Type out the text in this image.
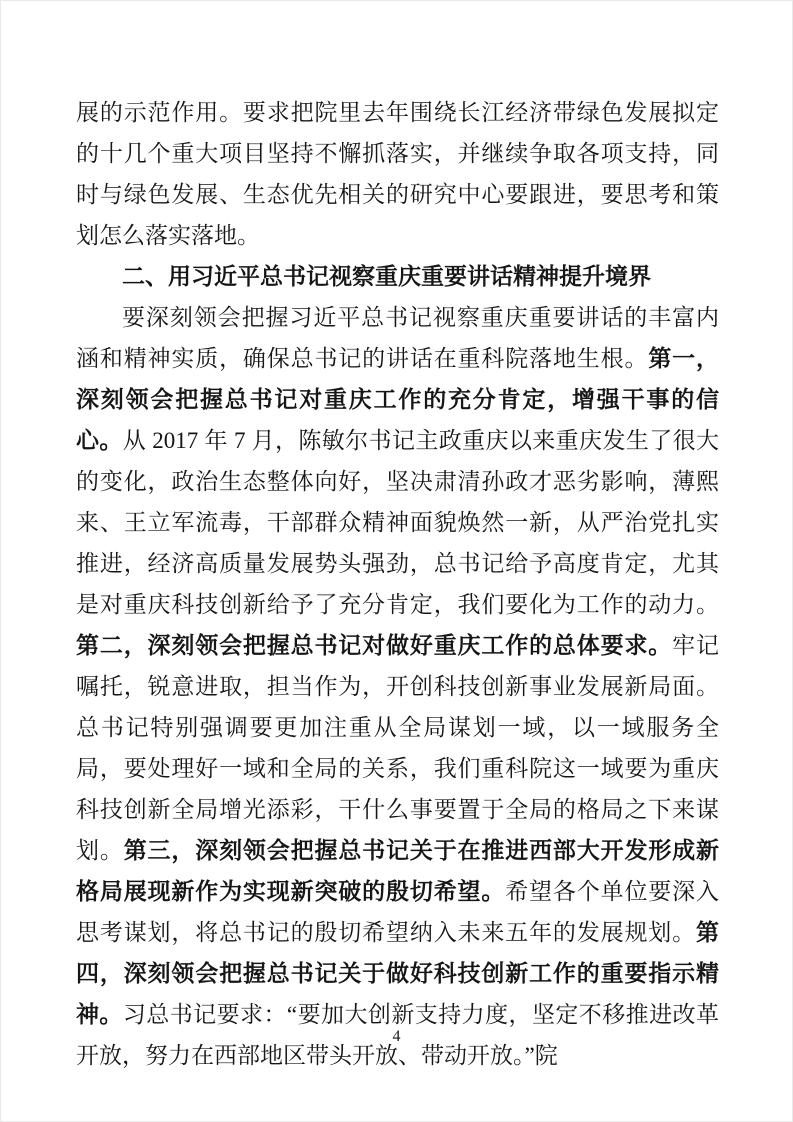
展的示范作用。要求把院里去年围绕长江经济带绿色发展拟定的十几个重大项目坚持不懈抓落实，并继续争取各项支持，同时与绿色发展、生态优先相关的研究中心要跟进，要思考和策划怎么落实落地。

二、用习近平总书记视察重庆重要讲话精神提升境界

要深刻领会把握习近平总书记视察重庆重要讲话的丰富内涵和精神实质，确保总书记的讲话在重科院落地生根。第一，深刻领会把握总书记对重庆工作的充分肯定，增强干事的信心。从 2017 年 7 月，陈敏尔书记主政重庆以来重庆发生了很大的变化，政治生态整体向好，坚决肃清孙政才恶劣影响，薄熙来、王立军流毒，干部群众精神面貌焕然一新，从严治党扎实推进，经济高质量发展势头强劲，总书记给予高度肯定，尤其是对重庆科技创新给予了充分肯定，我们要化为工作的动力。第二，深刻领会把握总书记对做好重庆工作的总体要求。牢记嘱托，锐意进取，担当作为，开创科技创新事业发展新局面。总书记特别强调要更加注重从全局谋划一域，以一域服务全局，要处理好一域和全局的关系，我们重科院这一域要为重庆科技创新全局增光添彩，干什么事要置于全局的格局之下来谋划。第三，深刻领会把握总书记关于在推进西部大开发形成新格局展现新作为实现新突破的殷切希望。希望各个单位要深入思考谋划，将总书记的殷切希望纳入未来五年的发展规划。第四，深刻领会把握总书记关于做好科技创新工作的重要指示精神。习总书记要求：“要加大创新支持力度，坚定不移推进改革开放，努力在西部地区带头开放、带动开放。”院

4
